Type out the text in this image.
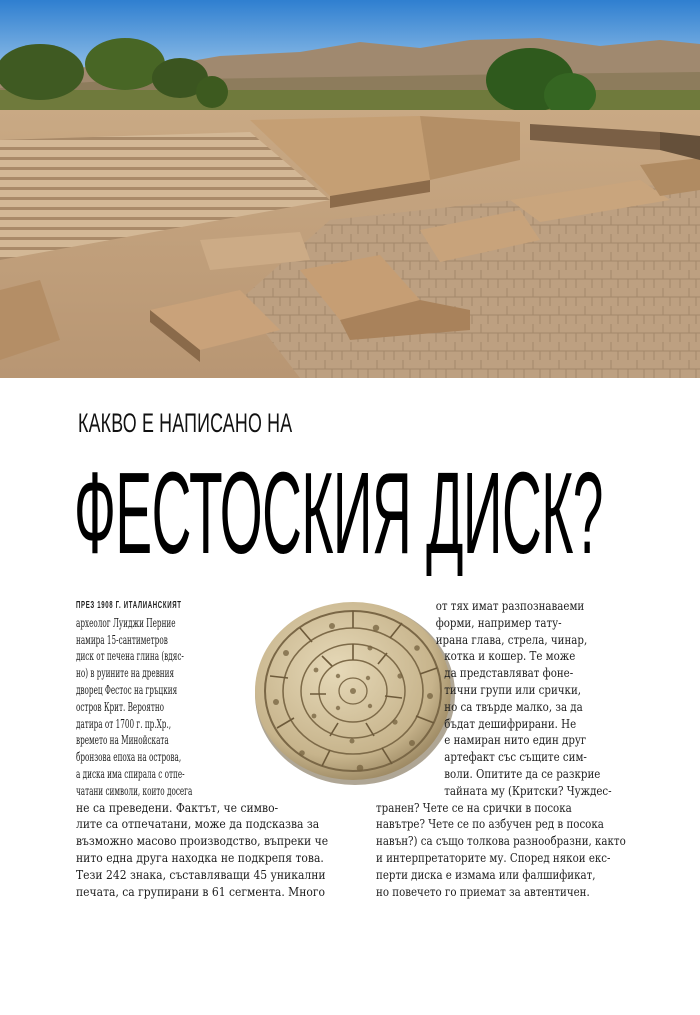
КАКВО Е НАПИСАНО НА
ФЕСТОСКИЯ ДИСК?
ПРЕЗ 1908 Г. ИТАЛИАНСКИЯТ
археолог Луиджи Перние
намира 15-сантиметров
диск от печена глина (вдяс-
но) в руините на древния
дворец Фестос на гръцкия
остров Крит. Вероятно
датира от 1700 г. пр.Хр.,
времето на Минойската
бронзова епоха на острова,
а диска има спирала с отпе-
чатани символи, които досега
не са преведени. Фактът, че симво-
лите са отпечатани, може да подсказва за
възможно масово производство, въпреки че
нито една друга находка не подкрепя това.
Тези 242 знака, съставляващи 45 уникални
печата, са групирани в 61 сегмента. Много
от тях имат разпознаваеми
форми, например тату-
ирана глава, стрела, чинар,
котка и кошер. Те може
да представляват фоне-
тични групи или срички,
но са твърде малко, за да
бъдат дешифрирани. Не
е намиран нито един друг
артефакт със същите сим-
воли. Опитите да се разкрие
тайната му (Критски? Чуждес-
транен? Чете се на срички в посока
навътре? Чете се по азбучен ред в посока
навън?) са също толкова разнообразни, както
и интерпретаторите му. Според някои екс-
перти диска е измама или фалшификат,
но повечето го приемат за автентичен.
